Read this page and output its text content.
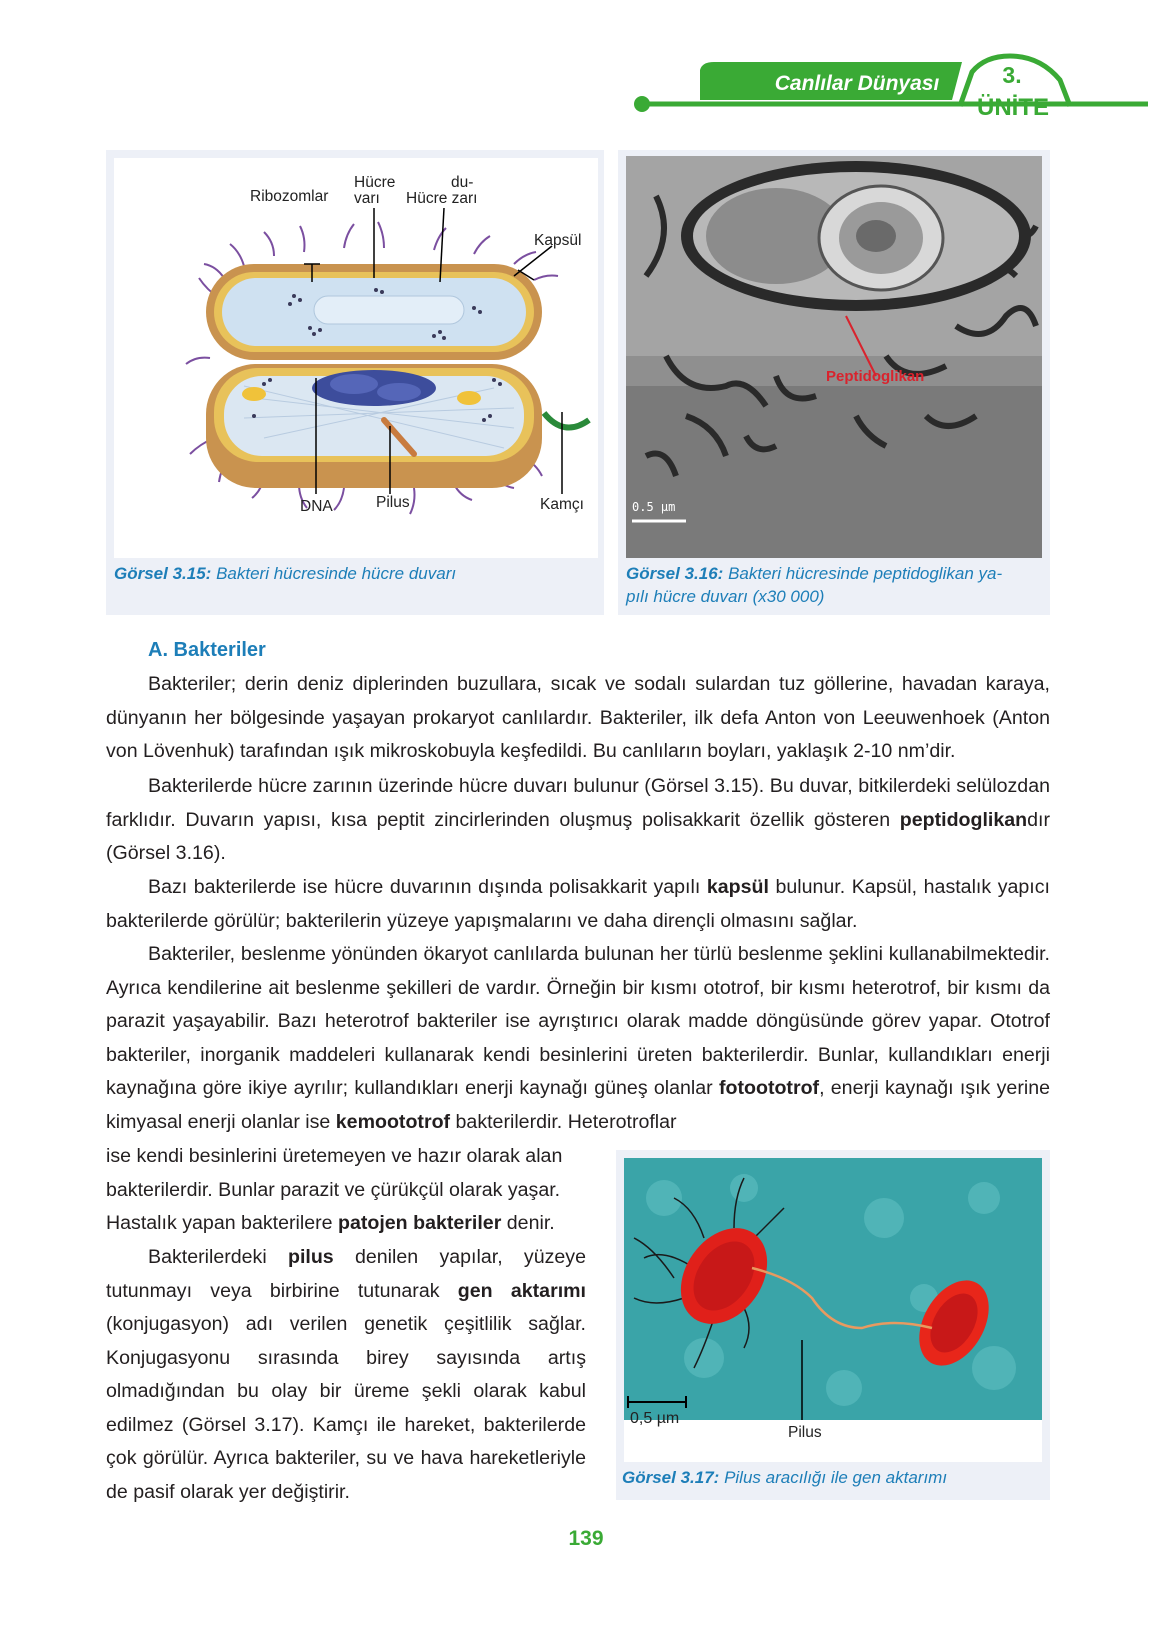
Canlılar Dünyası	3.
ÜNİTE
Ribozomlar
Hücre	du-
varı Hücre zarı
Kapsül
DNA	Pilus	Kamçı
Görsel 3.15: Bakteri hücresinde hücre duvarı
Peptidoglikan
0.5 µm
Görsel 3.16: Bakteri hücresinde peptidoglikan ya-
pılı hücre duvarı (x30 000)
A. Bakteriler
Bakteriler; derin deniz diplerinden buzullara, sıcak ve sodalı sulardan tuz göllerine, havadan karaya, dünyanın her bölgesinde yaşayan prokaryot canlılardır. Bakteriler, ilk defa Anton von Leeuwenhoek (Anton von Lövenhuk) tarafından ışık mikroskobuyla keşfedildi. Bu canlıların boyları, yaklaşık 2-10 nm’dir.
Bakterilerde hücre zarının üzerinde hücre duvarı bulunur (Görsel 3.15). Bu duvar, bitkilerdeki selülozdan farklıdır. Duvarın yapısı, kısa peptit zincirlerinden oluşmuş polisakkarit özellik gösteren peptidoglikandır (Görsel 3.16).
Bazı bakterilerde ise hücre duvarının dışında polisakkarit yapılı kapsül bulunur. Kapsül, hastalık yapıcı bakterilerde görülür; bakterilerin yüzeye yapışmalarını ve daha dirençli olmasını sağlar.
Bakteriler, beslenme yönünden ökaryot canlılarda bulunan her türlü beslenme şeklini kullanabilmektedir. Ayrıca kendilerine ait beslenme şekilleri de vardır. Örneğin bir kısmı ototrof, bir kısmı heterotrof, bir kısmı da parazit yaşayabilir. Bazı heterotrof bakteriler ise ayrıştırıcı olarak madde döngüsünde görev yapar. Ototrof bakteriler, inorganik maddeleri kullanarak kendi besinlerini üreten bakterilerdir. Bunlar, kullandıkları enerji kaynağına göre ikiye ayrılır; kullandıkları enerji kaynağı güneş olanlar fotoototrof, enerji kaynağı ışık yerine kimyasal enerji olanlar ise kemoototrof bakterilerdir. Heterotroflar
ise kendi besinlerini üretemeyen ve hazır olarak alan bakterilerdir. Bunlar parazit ve çürükçül olarak yaşar. Hastalık yapan bakterilere patojen bakteriler denir.
Bakterilerdeki pilus denilen yapılar, yüzeye tutunmayı veya birbirine tutunarak gen aktarımı (konjugasyon) adı verilen genetik çeşitlilik sağlar. Konjugasyonu sırasında birey sayısında artış olmadığından bu olay bir üreme şekli olarak kabul edilmez (Görsel 3.17). Kamçı ile hareket, bakterilerde çok görülür. Ayrıca bakteriler, su ve hava hareketleriyle de pasif olarak yer değiştirir.
0,5 µm
Pilus
Görsel 3.17: Pilus aracılığı ile gen aktarımı
139
